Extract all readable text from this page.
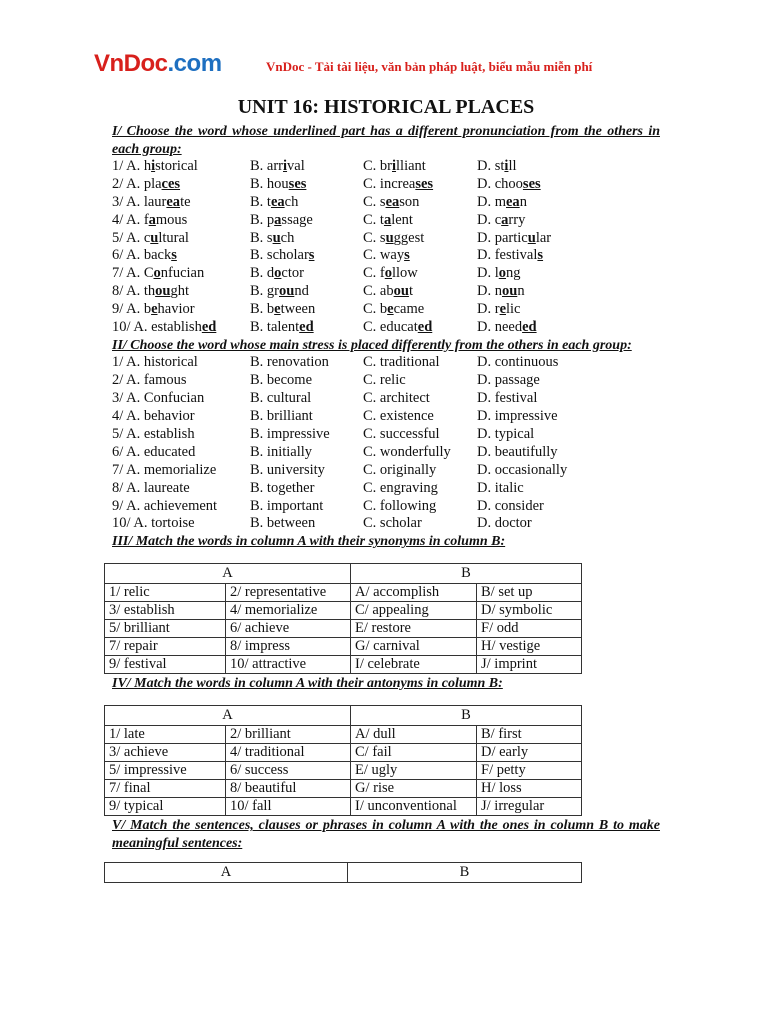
VnDoc.com	VnDoc - Tải tài liệu, văn bản pháp luật, biểu mẫu miễn phí
UNIT 16: HISTORICAL PLACES
I/ Choose the word whose underlined part has a different pronunciation from the others in each group:
1/ A. historical	B. arrival	C. brilliant	D. still
2/ A. places	B. houses	C. increases	D. chooses
3/ A. laureate	B. teach	C. season	D. mean
4/ A. famous	B. passage	C. talent	D. carry
5/ A. cultural	B. such	C. suggest	D. particular
6/ A. backs	B. scholars	C. ways	D. festivals
7/ A. Confucian	B. doctor	C. follow	D. long
8/ A. thought	B. ground	C. about	D. noun
9/ A. behavior	B. between	C. became	D. relic
10/ A. established	B. talented	C. educated	D. needed
II/ Choose the word whose main stress is placed differently from the others in each group:
1/ A. historical	B. renovation	C. traditional	D. continuous
2/ A. famous	B. become	C. relic	D. passage
3/ A. Confucian	B. cultural	C. architect	D. festival
4/ A. behavior	B. brilliant	C. existence	D. impressive
5/ A. establish	B. impressive	C. successful	D. typical
6/ A. educated	B. initially	C. wonderfully	D. beautifully
7/ A. memorialize	B. university	C. originally	D. occasionally
8/ A. laureate	B. together	C. engraving	D. italic
9/ A. achievement	B. important	C. following	D. consider
10/ A. tortoise	B. between	C. scholar	D. doctor
III/ Match the words in column A with their synonyms in column B:
A		B	
1/ relic	2/ representative	A/ accomplish	B/ set up
3/ establish	4/ memorialize	C/ appealing	D/ symbolic
5/ brilliant	6/ achieve	E/ restore	F/ odd
7/ repair	8/ impress	G/ carnival	H/ vestige
9/ festival	10/ attractive	I/ celebrate	J/ imprint
IV/ Match the words in column A with their antonyms in column B:
A		B	
1/ late	2/ brilliant	A/ dull	B/ first
3/ achieve	4/ traditional	C/ fail	D/ early
5/ impressive	6/ success	E/ ugly	F/ petty
7/ final	8/ beautiful	G/ rise	H/ loss
9/ typical	10/ fall	I/ unconventional	J/ irregular
V/ Match the sentences, clauses or phrases in column A with the ones in column B to make meaningful sentences:
A	B
